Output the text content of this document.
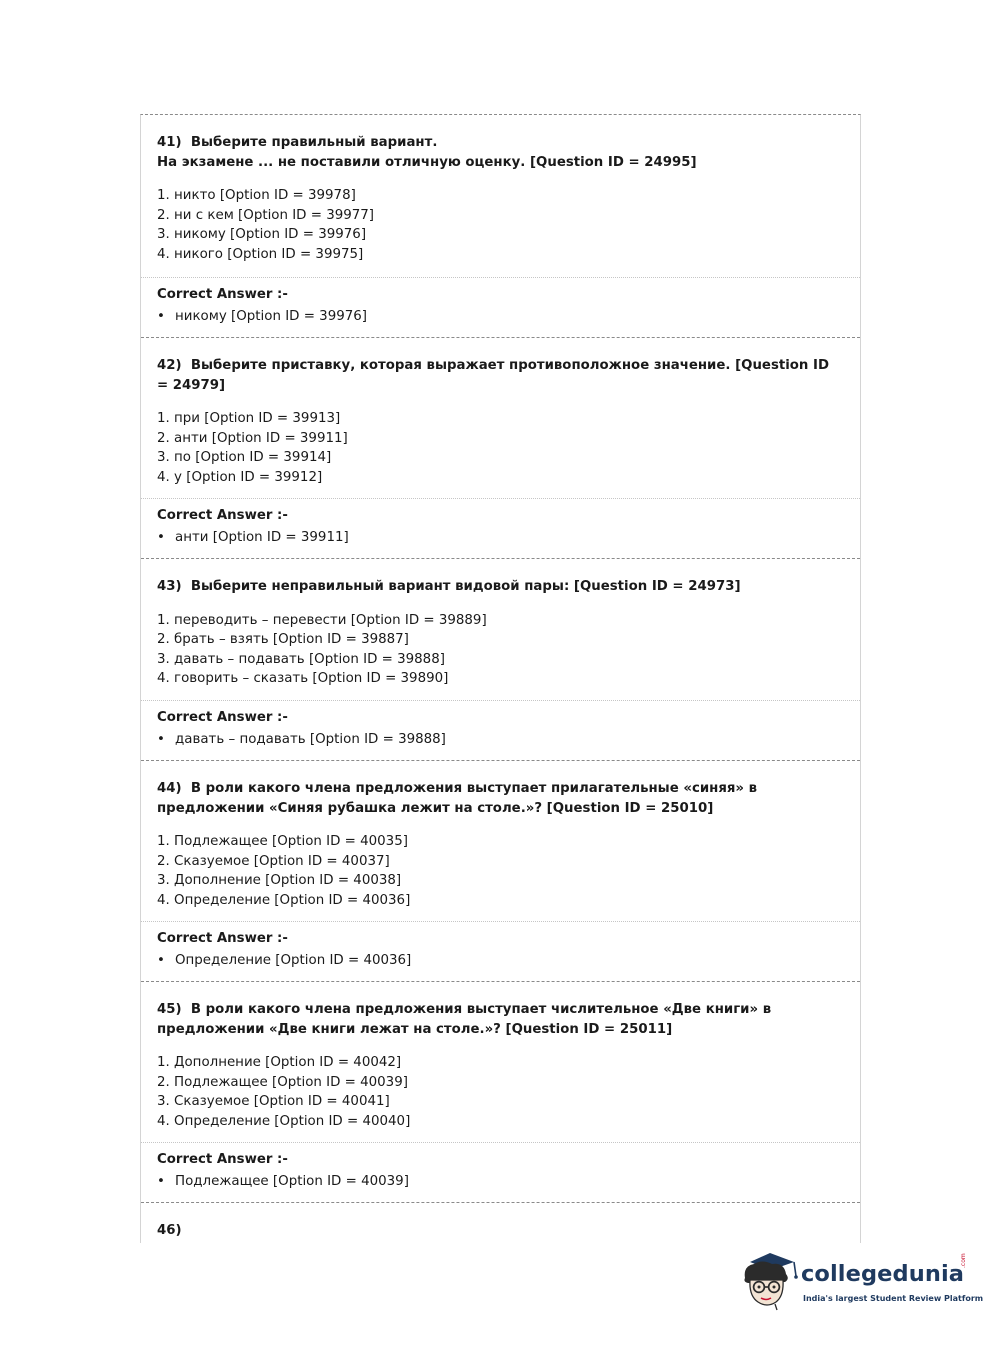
41) Выберите правильный вариант.
На экзамене ... не поставили отличную оценку. [Question ID = 24995]

1. никто [Option ID = 39978]
2. ни с кем [Option ID = 39977]
3. никому [Option ID = 39976]
4. никого [Option ID = 39975]

Correct Answer :-

• никому [Option ID = 39976]

42) Выберите приставку, которая выражает противоположное значение. [Question ID = 24979]

1. при [Option ID = 39913]
2. анти [Option ID = 39911]
3. по [Option ID = 39914]
4. у [Option ID = 39912]

Correct Answer :-

• анти [Option ID = 39911]

43) Выберите неправильный вариант видовой пары: [Question ID = 24973]

1. переводить – перевести [Option ID = 39889]
2. брать – взять [Option ID = 39887]
3. давать – подавать [Option ID = 39888]
4. говорить – сказать [Option ID = 39890]

Correct Answer :-

• давать – подавать [Option ID = 39888]

44) В роли какого члена предложения выступает прилагательные «синяя» в предложении «Синяя рубашка лежит на столе.»? [Question ID = 25010]

1. Подлежащее [Option ID = 40035]
2. Сказуемое [Option ID = 40037]
3. Дополнение [Option ID = 40038]
4. Определение [Option ID = 40036]

Correct Answer :-

• Определение [Option ID = 40036]

45) В роли какого члена предложения выступает числительное «Две книги» в предложении «Две книги лежат на столе.»? [Question ID = 25011]

1. Дополнение [Option ID = 40042]
2. Подлежащее [Option ID = 40039]
3. Сказуемое [Option ID = 40041]
4. Определение [Option ID = 40040]

Correct Answer :-

• Подлежащее [Option ID = 40039]

46)

collegedunia
.com
India's largest Student Review Platform
